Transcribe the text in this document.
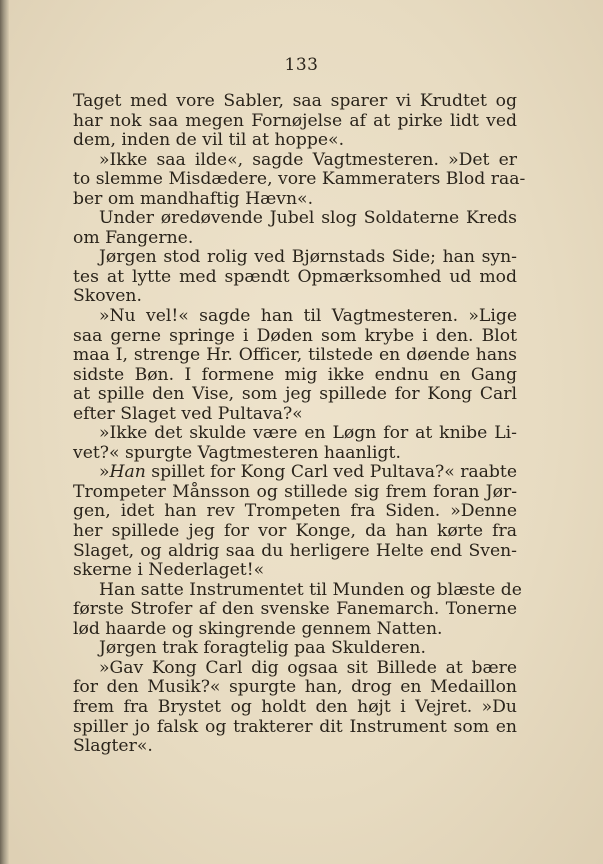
133
Taget med vore Sabler, saa sparer vi Krudtet og
har nok saa megen Fornøjelse af at pirke lidt ved
dem, inden de vil til at hoppe«.
»Ikke saa ilde«, sagde Vagtmesteren. »Det er
to slemme Misdædere, vore Kammeraters Blod raa-
ber om mandhaftig Hævn«.
Under øredøvende Jubel slog Soldaterne Kreds
om Fangerne.
Jørgen stod rolig ved Bjørnstads Side; han syn-
tes at lytte med spændt Opmærksomhed ud mod
Skoven.
»Nu vel!« sagde han til Vagtmesteren. »Lige
saa gerne springe i Døden som krybe i den. Blot
maa I, strenge Hr. Officer, tilstede en døende hans
sidste Bøn. I formene mig ikke endnu en Gang
at spille den Vise, som jeg spillede for Kong Carl
efter Slaget ved Pultava?«
»Ikke det skulde være en Løgn for at knibe Li-
vet?« spurgte Vagtmesteren haanligt.
»Han spillet for Kong Carl ved Pultava?« raabte
Trompeter Månsson og stillede sig frem foran Jør-
gen, idet han rev Trompeten fra Siden. »Denne
her spillede jeg for vor Konge, da han kørte fra
Slaget, og aldrig saa du herligere Helte end Sven-
skerne i Nederlaget!«
Han satte Instrumentet til Munden og blæste de
første Strofer af den svenske Fanemarch. Tonerne
lød haarde og skingrende gennem Natten.
Jørgen trak foragtelig paa Skulderen.
»Gav Kong Carl dig ogsaa sit Billede at bære
for den Musik?« spurgte han, drog en Medaillon
frem fra Brystet og holdt den højt i Vejret. »Du
spiller jo falsk og trakterer dit Instrument som en
Slagter«.
